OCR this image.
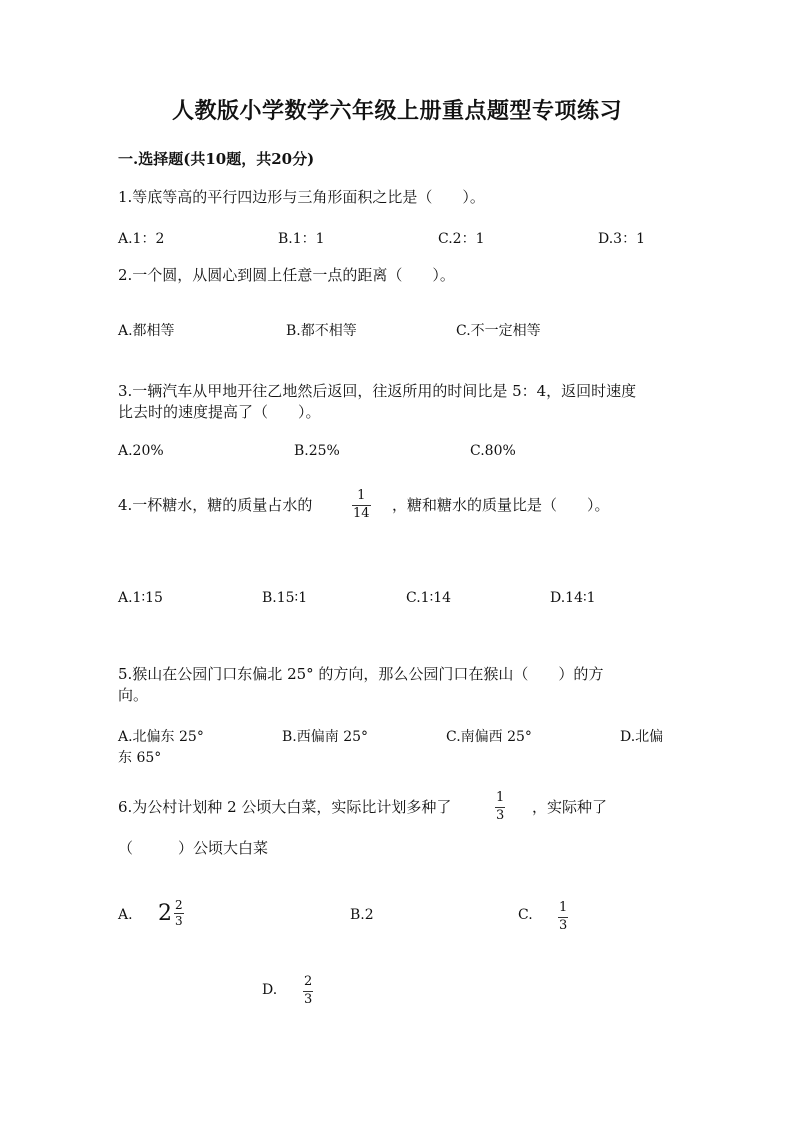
人教版小学数学六年级上册重点题型专项练习
一.选择题(共10题，共20分)
1.等底等高的平行四边形与三角形面积之比是（　　）。
A.1：2	B.1：1	C.2：1	D.3：1
2.一个圆，从圆心到圆上任意一点的距离（　　）。
A.都相等	B.都不相等	C.不一定相等
3.一辆汽车从甲地开往乙地然后返回，往返所用的时间比是 5：4，返回时速度
比去时的速度提高了（　　）。
A.20%	B.25%	C.80%
4.一杯糖水，糖的质量占水的
1
14 ，糖和糖水的质量比是（　　）。
A.1∶15	B.15∶1	C.1∶14	D.14∶1
5.猴山在公园门口东偏北 25° 的方向，那么公园门口在猴山（　　）的方
向。
A.北偏东 25°	B.西偏南 25°	C.南偏西 25°	D.北偏
东 65°
6.为公村计划种 2 公顷大白菜，实际比计划多种了
1
3 ，实际种了
（　　　）公顷大白菜
A. $2 \frac{2}{3}$	B.2	C. 1
3
D.
2
3
